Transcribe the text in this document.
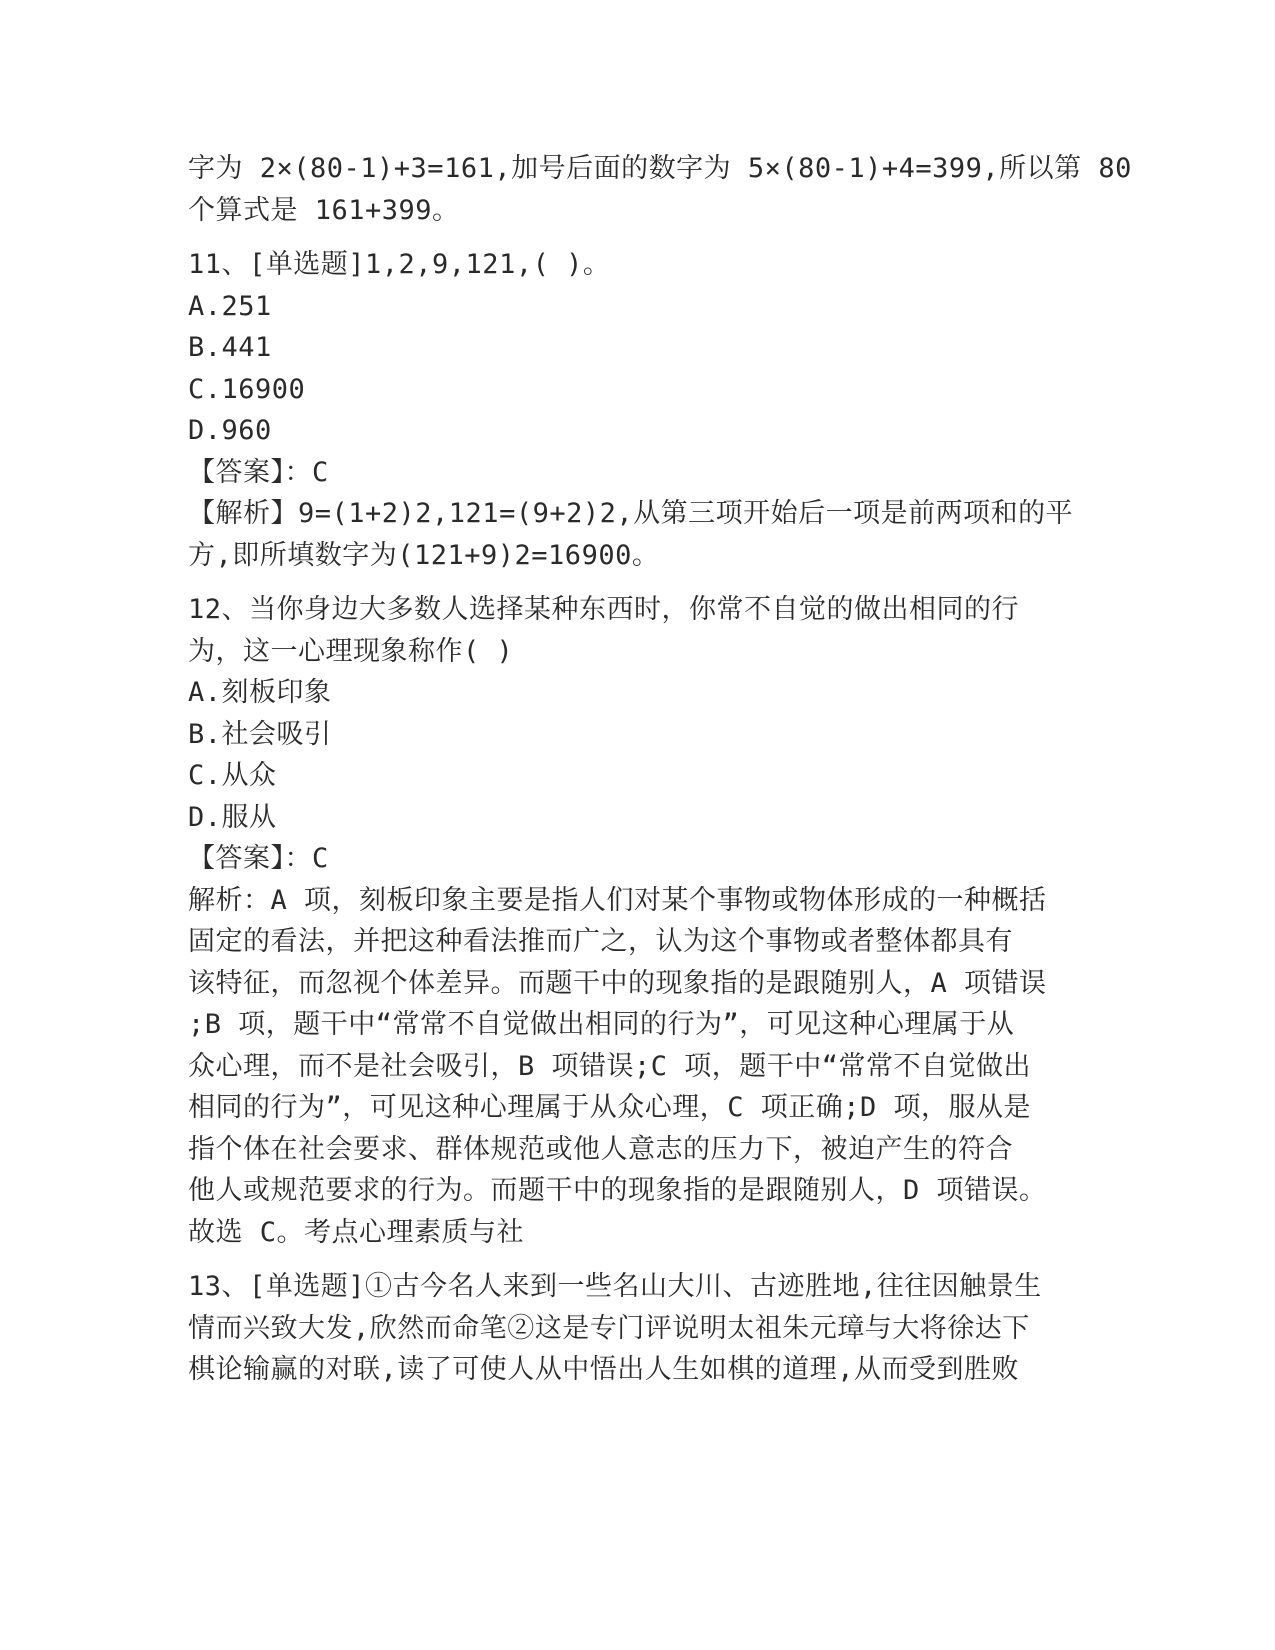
字为 2×(80-1)+3=161,加号后面的数字为 5×(80-1)+4=399,所以第 80
个算式是 161+399。
11、[单选题]1,2,9,121,( )。
A.251
B.441
C.16900
D.960
【答案】：C
【解析】9=(1+2)2,121=(9+2)2,从第三项开始后一项是前两项和的平
方,即所填数字为(121+9)2=16900。
12、当你身边大多数人选择某种东西时，你常不自觉的做出相同的行
为，这一心理现象称作( )
A.刻板印象
B.社会吸引
C.从众
D.服从
【答案】：C
解析：A 项，刻板印象主要是指人们对某个事物或物体形成的一种概括
固定的看法，并把这种看法推而广之，认为这个事物或者整体都具有
该特征，而忽视个体差异。而题干中的现象指的是跟随别人，A 项错误
;B 项，题干中“常常不自觉做出相同的行为”，可见这种心理属于从
众心理，而不是社会吸引，B 项错误;C 项，题干中“常常不自觉做出
相同的行为”，可见这种心理属于从众心理，C 项正确;D 项，服从是
指个体在社会要求、群体规范或他人意志的压力下，被迫产生的符合
他人或规范要求的行为。而题干中的现象指的是跟随别人，D 项错误。
故选 C。考点心理素质与社
13、[单选题]①古今名人来到一些名山大川、古迹胜地,往往因触景生
情而兴致大发,欣然而命笔②这是专门评说明太祖朱元璋与大将徐达下
棋论输赢的对联,读了可使人从中悟出人生如棋的道理,从而受到胜败
